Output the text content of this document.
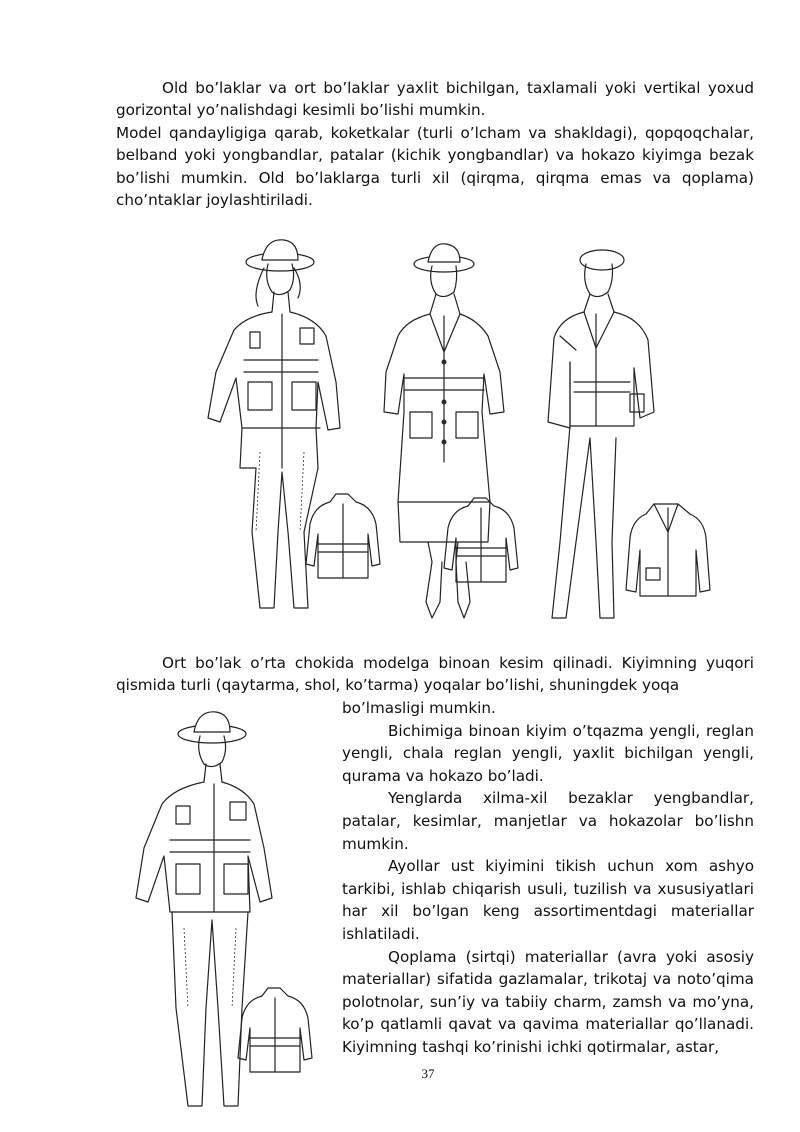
Old bo’laklar va ort bo’laklar yaxlit bichilgan, taxlamali yoki vertikal yoxud gorizontal yo’nalishdagi kesimli bo’lishi mumkin.

Model qandayligiga qarab, koketkalar (turli o’lcham va shakldagi), qopqoqchalar, belband yoki yongbandlar, patalar (kichik yongbandlar) va hokazo kiyimga bezak bo’lishi mumkin. Old bo’laklarga turli xil (qirqma, qirqma emas va qoplama) cho’ntaklar joylashtiriladi.

Ort bo’lak o’rta chokida modelga binoan kesim qilinadi. Kiyimning yuqori qismida turli (qaytarma, shol, ko’tarma) yoqalar bo’lishi, shuningdek yoqa

bo’lmasligi mumkin.

Bichimiga binoan kiyim o’tqazma yengli, reglan yengli, chala reglan yengli, yaxlit bichilgan yengli, qurama va hokazo bo’ladi.

Yenglarda xilma-xil bezaklar yengbandlar, patalar, kesimlar, manjetlar va hokazolar bo’lishn mumkin.

Ayollar ust kiyimini tikish uchun xom ashyo tarkibi, ishlab chiqarish usuli, tuzilish va xususiyatlari har xil bo’lgan keng assortimentdagi materiallar ishlatiladi.

Qoplama (sirtqi) materiallar (avra yoki asosiy materiallar) sifatida gazlamalar, trikotaj va noto’qima polotnolar, sun’iy va tabiiy charm, zamsh va mo’yna, ko’p qatlamli qavat va qavima materiallar qo’llanadi. Kiyimning tashqi ko’rinishi ichki qotirmalar, astar,

37
